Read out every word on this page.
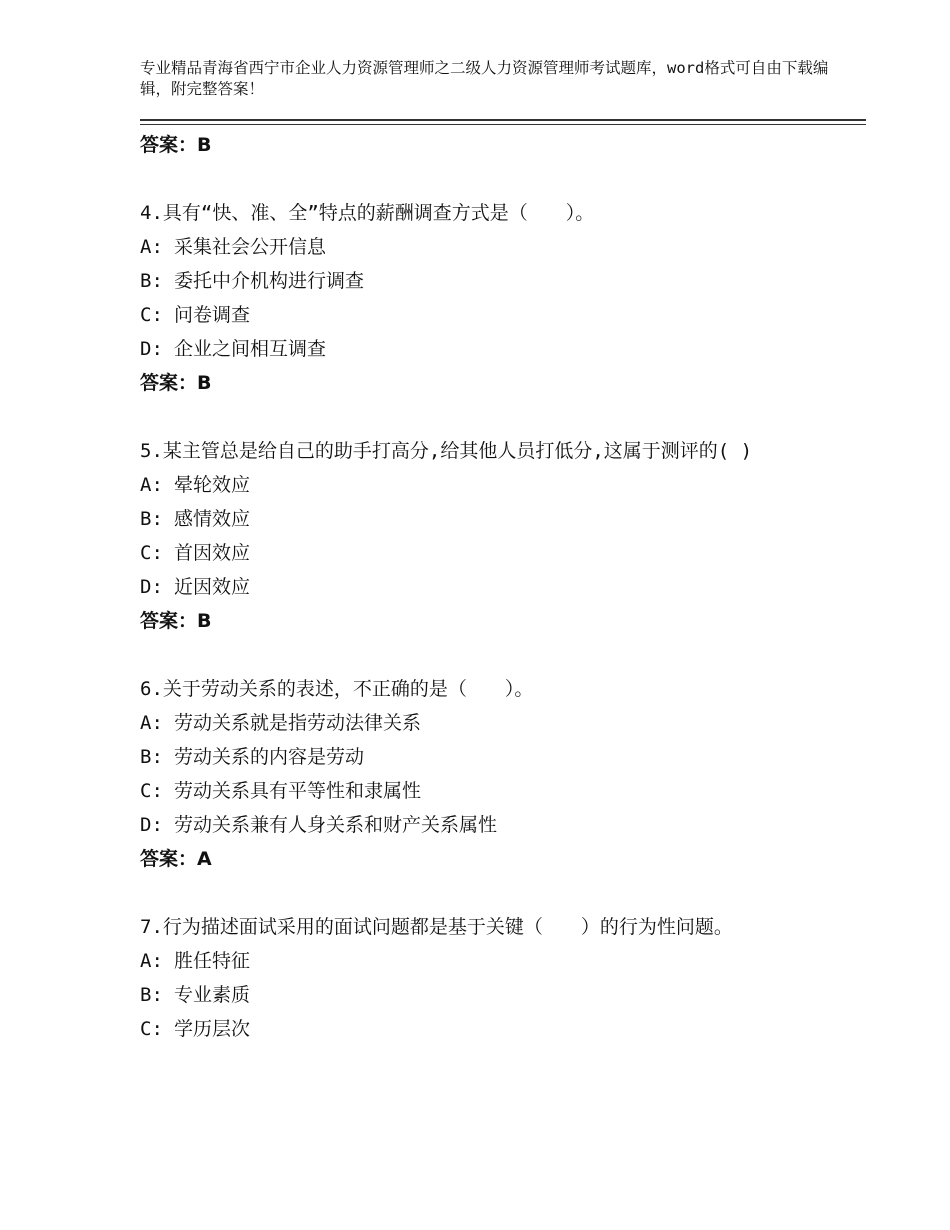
专业精品青海省西宁市企业人力资源管理师之二级人力资源管理师考试题库，word格式可自由下载编辑，附完整答案！
答案：B
4.具有“快、准、全”特点的薪酬调查方式是（　　）。
A: 采集社会公开信息
B: 委托中介机构进行调查
C: 问卷调查
D: 企业之间相互调查
答案：B
5.某主管总是给自己的助手打高分,给其他人员打低分,这属于测评的( )
A: 晕轮效应
B: 感情效应
C: 首因效应
D: 近因效应
答案：B
6.关于劳动关系的表述，不正确的是（　　）。
A: 劳动关系就是指劳动法律关系
B: 劳动关系的内容是劳动
C: 劳动关系具有平等性和隶属性
D: 劳动关系兼有人身关系和财产关系属性
答案：A
7.行为描述面试采用的面试问题都是基于关键（　　）的行为性问题。
A: 胜任特征
B: 专业素质
C: 学历层次
